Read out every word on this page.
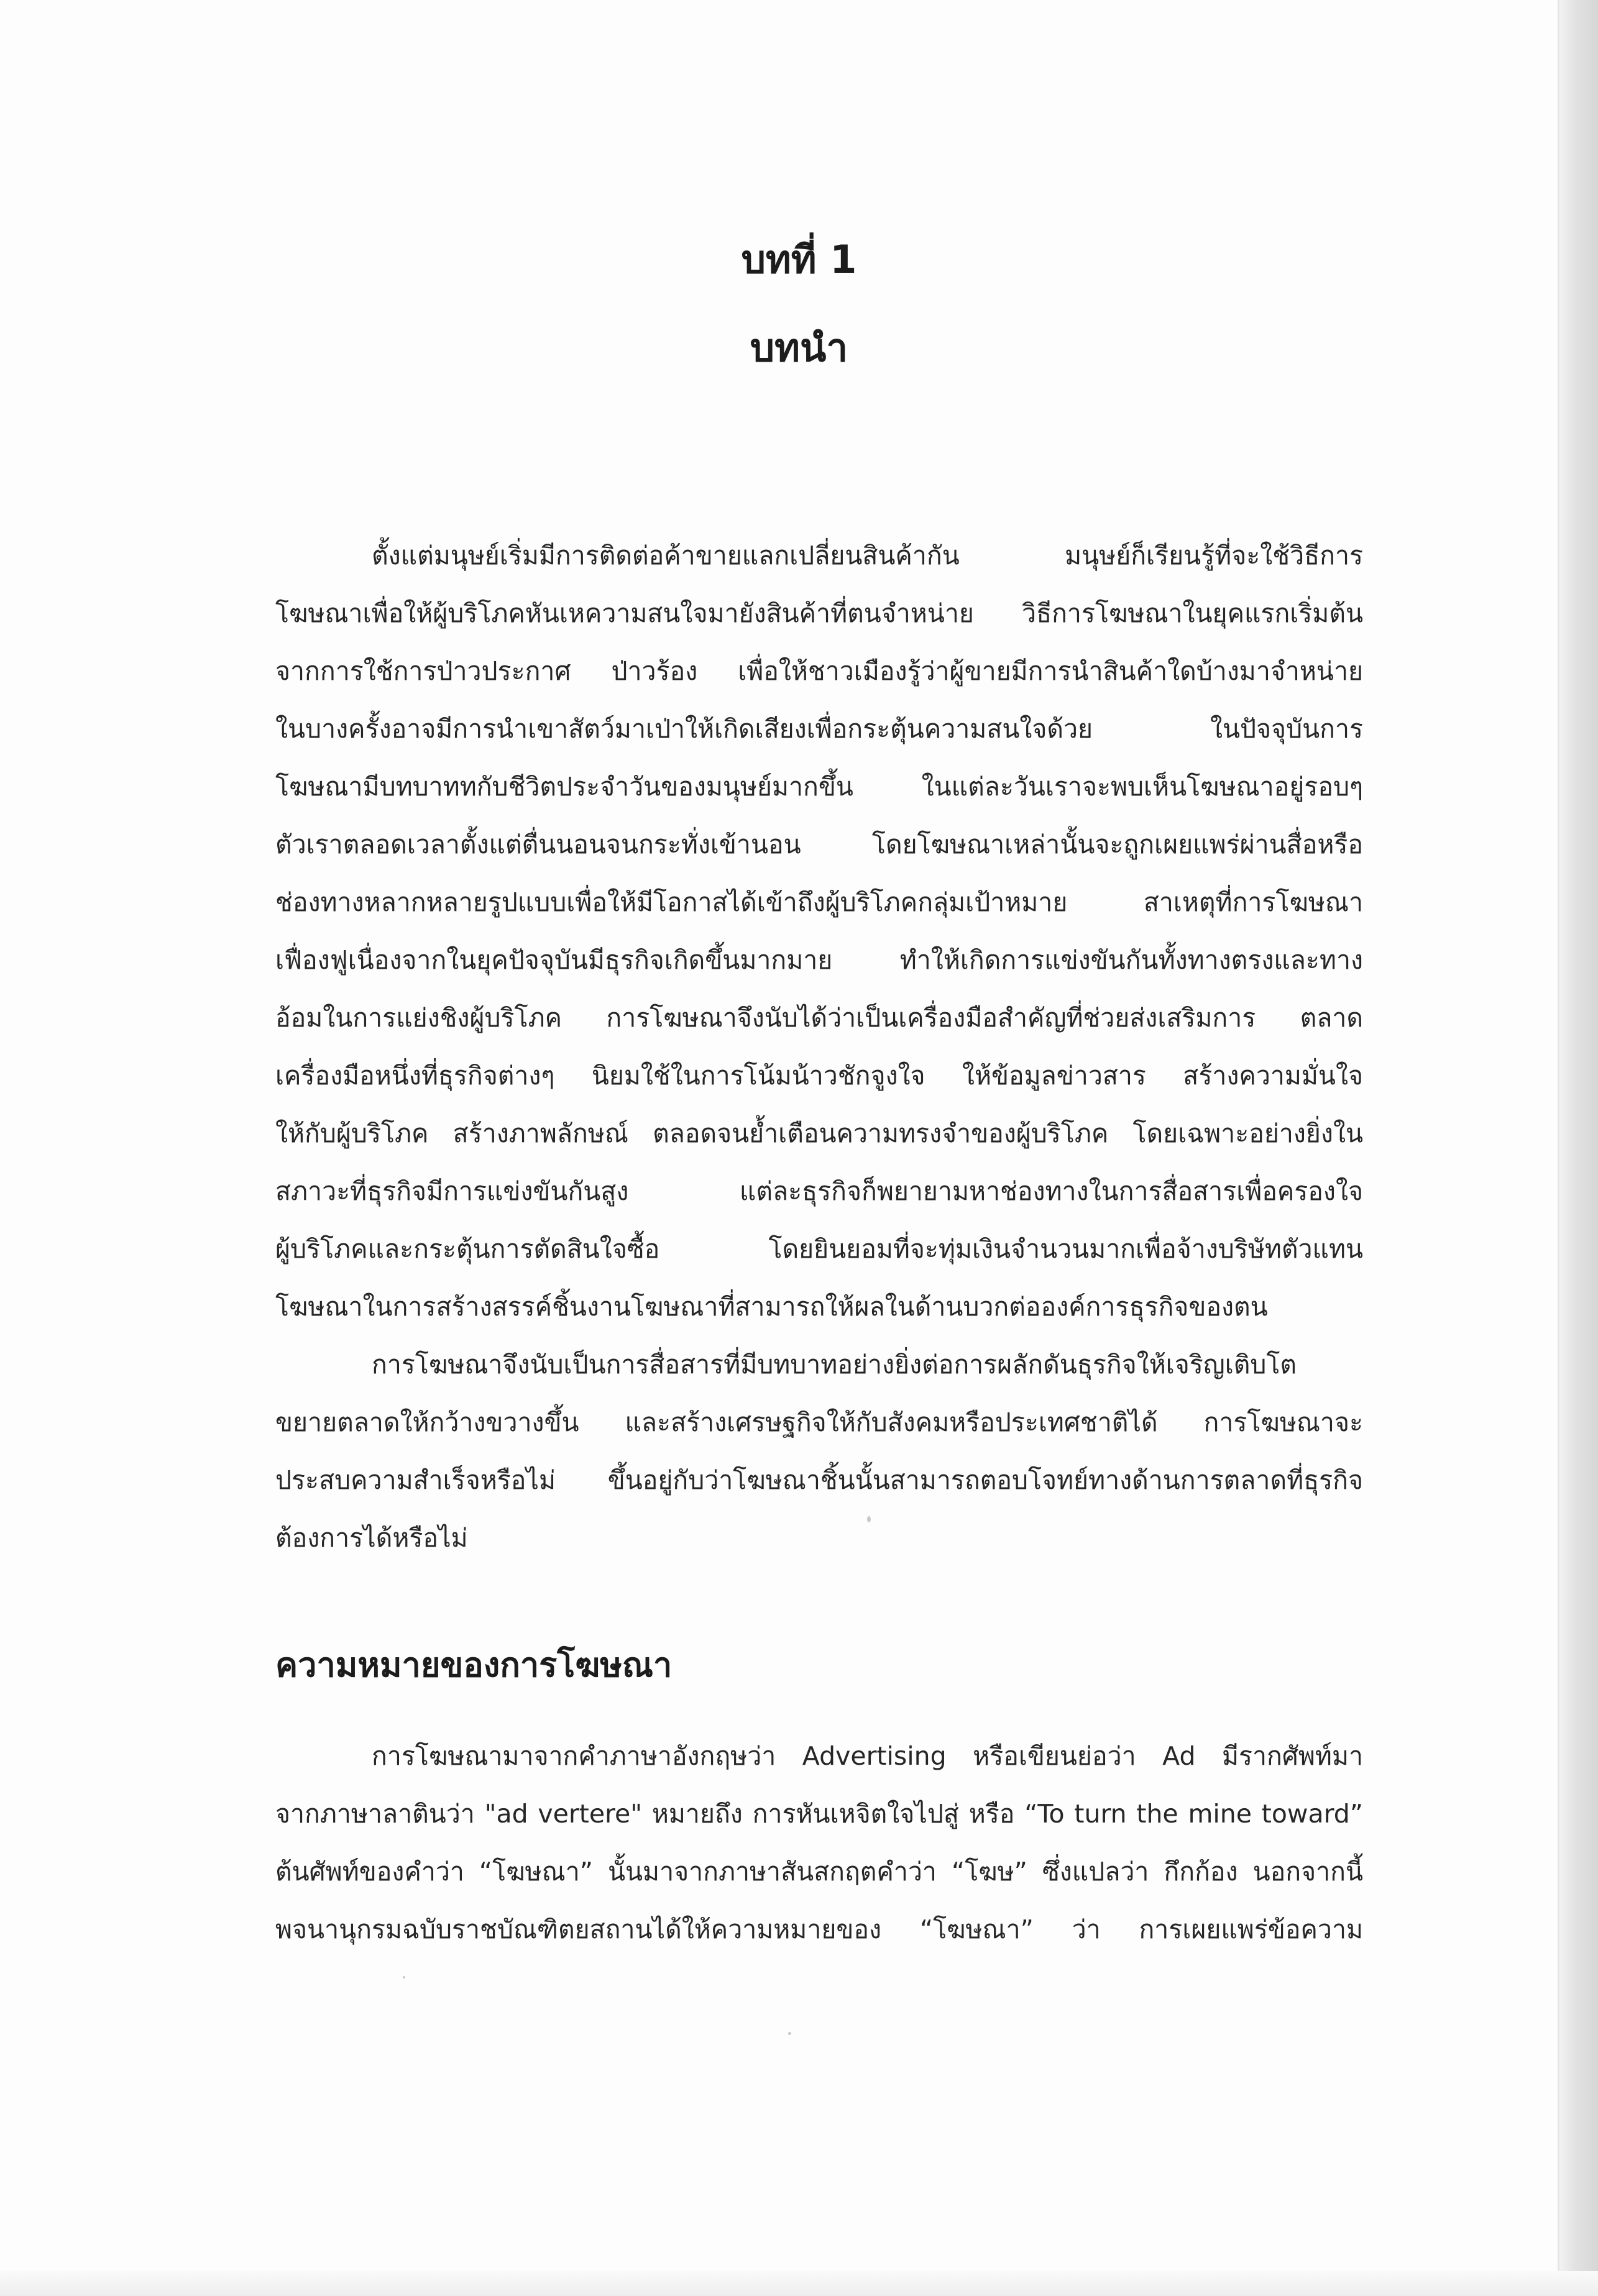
บทที่ 1
บทนำ
ตั้งแต่มนุษย์เริ่มมีการติดต่อค้าขายแลกเปลี่ยนสินค้ากัน มนุษย์ก็เรียนรู้ที่จะใช้วิธีการ
โฆษณาเพื่อให้ผู้บริโภคหันเหความสนใจมายังสินค้าที่ตนจำหน่าย วิธีการโฆษณาในยุคแรกเริ่มต้น
จากการใช้การป่าวประกาศ ป่าวร้อง เพื่อให้ชาวเมืองรู้ว่าผู้ขายมีการนำสินค้าใดบ้างมาจำหน่าย
ในบางครั้งอาจมีการนำเขาสัตว์มาเป่าให้เกิดเสียงเพื่อกระตุ้นความสนใจด้วย ในปัจจุบันการ
โฆษณามีบทบาททกับชีวิตประจำวันของมนุษย์มากขึ้น ในแต่ละวันเราจะพบเห็นโฆษณาอยู่รอบๆ
ตัวเราตลอดเวลาตั้งแต่ตื่นนอนจนกระทั่งเข้านอน โดยโฆษณาเหล่านั้นจะถูกเผยแพร่ผ่านสื่อหรือ
ช่องทางหลากหลายรูปแบบเพื่อให้มีโอกาสได้เข้าถึงผู้บริโภคกลุ่มเป้าหมาย สาเหตุที่การโฆษณา
เฟื่องฟูเนื่องจากในยุคปัจจุบันมีธุรกิจเกิดขึ้นมากมาย ทำให้เกิดการแข่งขันกันทั้งทางตรงและทาง
อ้อมในการแย่งชิงผู้บริโภค การโฆษณาจึงนับได้ว่าเป็นเครื่องมือสำคัญที่ช่วยส่งเสริมการ ตลาด
เครื่องมือหนึ่งที่ธุรกิจต่างๆ นิยมใช้ในการโน้มน้าวชักจูงใจ ให้ข้อมูลข่าวสาร สร้างความมั่นใจ
ให้กับผู้บริโภค สร้างภาพลักษณ์ ตลอดจนย้ำเตือนความทรงจำของผู้บริโภค โดยเฉพาะอย่างยิ่งใน
สภาวะที่ธุรกิจมีการแข่งขันกันสูง แต่ละธุรกิจก็พยายามหาช่องทางในการสื่อสารเพื่อครองใจ
ผู้บริโภคและกระตุ้นการตัดสินใจซื้อ โดยยินยอมที่จะทุ่มเงินจำนวนมากเพื่อจ้างบริษัทตัวแทน
โฆษณาในการสร้างสรรค์ชิ้นงานโฆษณาที่สามารถให้ผลในด้านบวกต่อองค์การธุรกิจของตน
การโฆษณาจึงนับเป็นการสื่อสารที่มีบทบาทอย่างยิ่งต่อการผลักดันธุรกิจให้เจริญเติบโต
ขยายตลาดให้กว้างขวางขึ้น และสร้างเศรษฐกิจให้กับสังคมหรือประเทศชาติได้ การโฆษณาจะ
ประสบความสำเร็จหรือไม่ ขึ้นอยู่กับว่าโฆษณาชิ้นนั้นสามารถตอบโจทย์ทางด้านการตลาดที่ธุรกิจ
ต้องการได้หรือไม่
ความหมายของการโฆษณา
การโฆษณามาจากคำภาษาอังกฤษว่า Advertising หรือเขียนย่อว่า Ad มีรากศัพท์มา
จากภาษาลาตินว่า "ad vertere" หมายถึง การหันเหจิตใจไปสู่ หรือ “To turn the mine toward”
ต้นศัพท์ของคำว่า “โฆษณา” นั้นมาจากภาษาสันสกฤตคำว่า “โฆษ” ซึ่งแปลว่า กึกก้อง นอกจากนี้
พจนานุกรมฉบับราชบัณฑิตยสถานได้ให้ความหมายของ “โฆษณา” ว่า การเผยแพร่ข้อความ
